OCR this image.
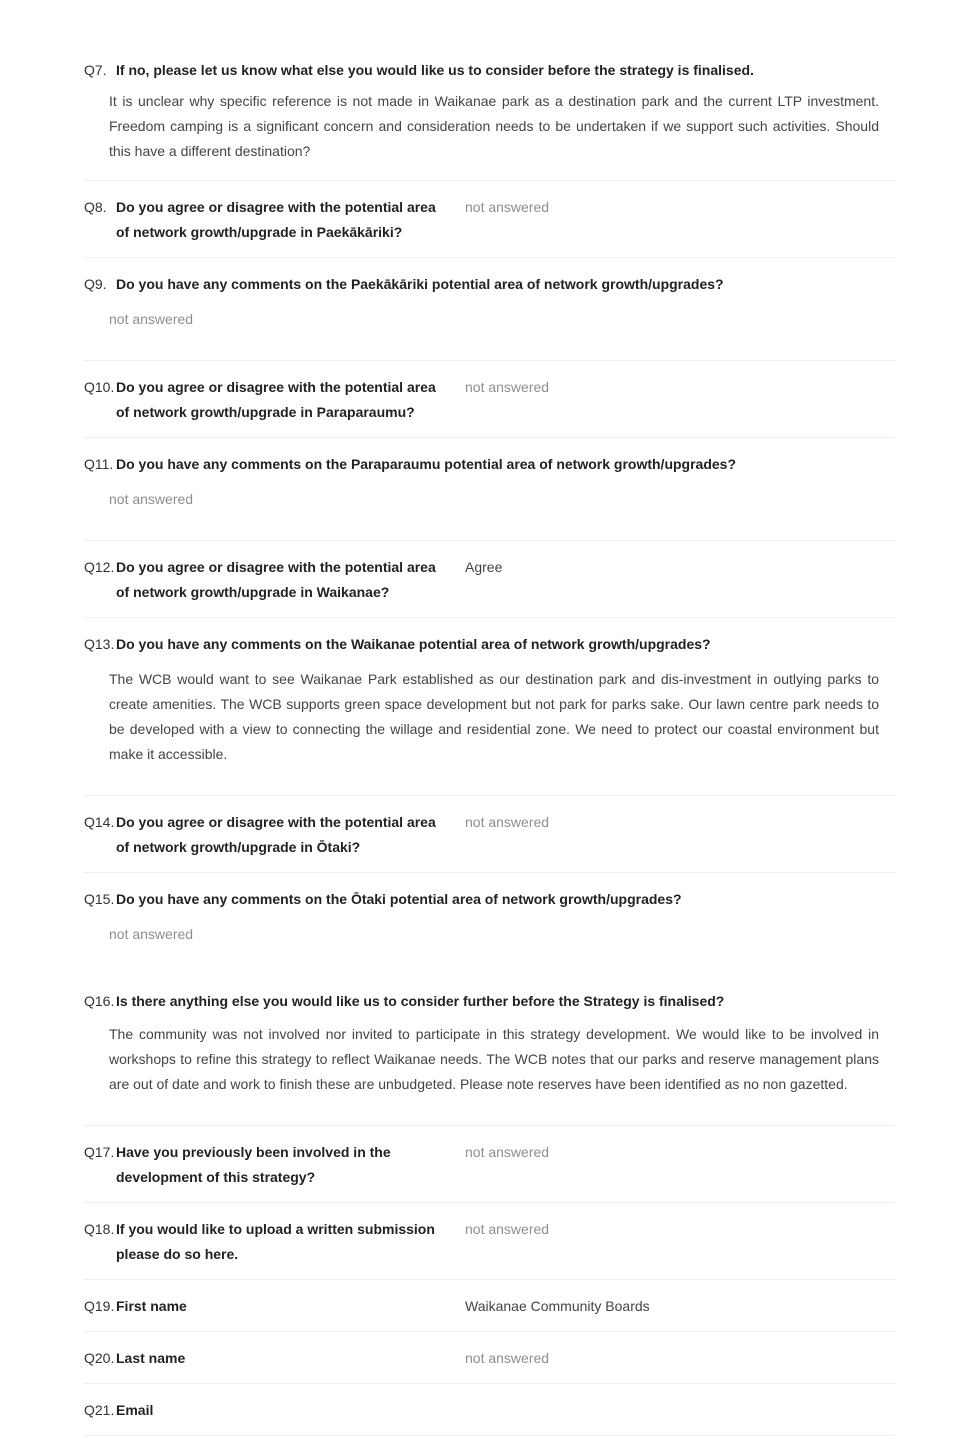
Q7. If no, please let us know what else you would like us to consider before the strategy is finalised.
It is unclear why specific reference is not made in Waikanae park as a destination park and the current LTP investment. Freedom camping is a significant concern and consideration needs to be undertaken if we support such activities. Should this have a different destination?
Q8. Do you agree or disagree with the potential area of network growth/upgrade in Paekākāriki?
not answered
Q9. Do you have any comments on the Paekākāriki potential area of network growth/upgrades?
not answered
Q10. Do you agree or disagree with the potential area of network growth/upgrade in Paraparaumu?
not answered
Q11. Do you have any comments on the Paraparaumu potential area of network growth/upgrades?
not answered
Q12. Do you agree or disagree with the potential area of network growth/upgrade in Waikanae?
Agree
Q13. Do you have any comments on the Waikanae potential area of network growth/upgrades?
The WCB would want to see Waikanae Park established as our destination park and dis-investment in outlying parks to create amenities. The WCB supports green space development but not park for parks sake. Our lawn centre park needs to be developed with a view to connecting the willage and residential zone. We need to protect our coastal environment but make it accessible.
Q14. Do you agree or disagree with the potential area of network growth/upgrade in Ōtaki?
not answered
Q15. Do you have any comments on the Ōtaki potential area of network growth/upgrades?
not answered
Q16. Is there anything else you would like us to consider further before the Strategy is finalised?
The community was not involved nor invited to participate in this strategy development. We would like to be involved in workshops to refine this strategy to reflect Waikanae needs. The WCB notes that our parks and reserve management plans are out of date and work to finish these are unbudgeted. Please note reserves have been identified as no non gazetted.
Q17. Have you previously been involved in the development of this strategy?
not answered
Q18. If you would like to upload a written submission please do so here.
not answered
Q19. First name	Waikanae Community Boards
Q20. Last name	not answered
Q21. Email
